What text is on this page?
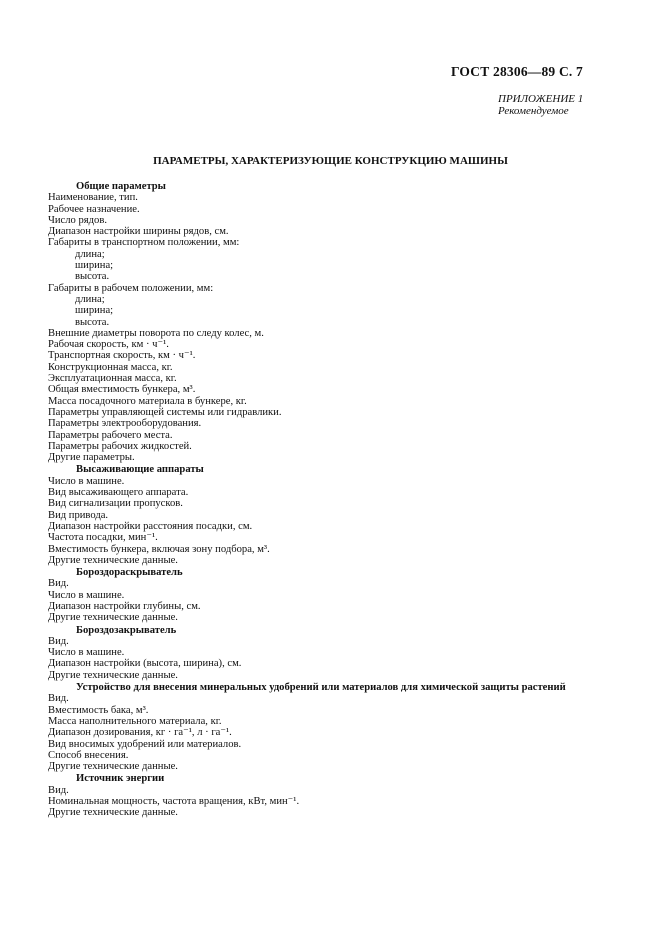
ГОСТ 28306—89 С. 7
ПРИЛОЖЕНИЕ 1
Рекомендуемое
ПАРАМЕТРЫ, ХАРАКТЕРИЗУЮЩИЕ КОНСТРУКЦИЮ МАШИНЫ
Общие параметры
Наименование, тип.
Рабочее назначение.
Число рядов.
Диапазон настройки ширины рядов, см.
Габариты в транспортном положении, мм:
длина;
ширина;
высота.
Габариты в рабочем положении, мм:
длина;
ширина;
высота.
Внешние диаметры поворота по следу колес, м.
Рабочая скорость, км · ч⁻¹.
Транспортная скорость, км · ч⁻¹.
Конструкционная масса, кг.
Эксплуатационная масса, кг.
Общая вместимость бункера, м³.
Масса посадочного материала в бункере, кг.
Параметры управляющей системы или гидравлики.
Параметры электрооборудования.
Параметры рабочего места.
Параметры рабочих жидкостей.
Другие параметры.
Высаживающие аппараты
Число в машине.
Вид высаживающего аппарата.
Вид сигнализации пропусков.
Вид привода.
Диапазон настройки расстояния посадки, см.
Частота посадки, мин⁻¹.
Вместимость бункера, включая зону подбора, м³.
Другие технические данные.
Бороздораскрыватель
Вид.
Число в машине.
Диапазон настройки глубины, см.
Другие технические данные.
Бороздозакрыватель
Вид.
Число в машине.
Диапазон настройки (высота, ширина), см.
Другие технические данные.
Устройство для внесения минеральных удобрений или материалов для химической защиты растений
Вид.
Вместимость бака, м³.
Масса наполнительного материала, кг.
Диапазон дозирования, кг · га⁻¹, л · га⁻¹.
Вид вносимых удобрений или материалов.
Способ внесения.
Другие технические данные.
Источник энергии
Вид.
Номинальная мощность, частота вращения, кВт, мин⁻¹.
Другие технические данные.
